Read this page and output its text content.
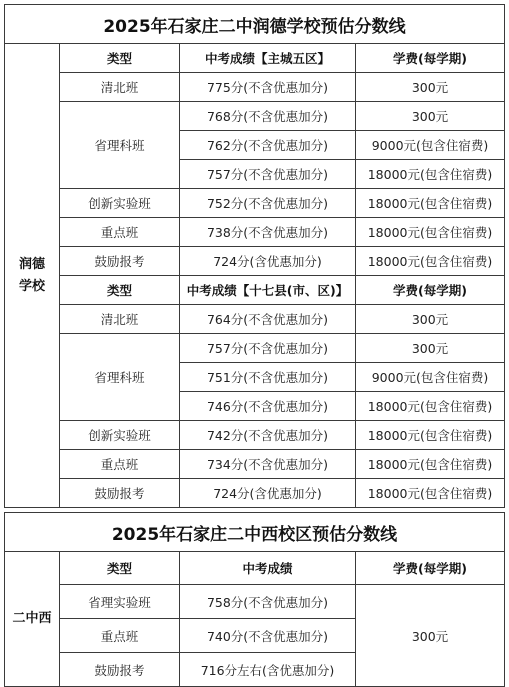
2025年石家庄二中润德学校预估分数线			

润德
学校	类型	中考成绩【主城五区】	学费(每学期)
	清北班	775分(不含优惠加分)	300元
	省理科班	768分(不含优惠加分)	300元
		762分(不含优惠加分)	9000元(包含住宿费)
		757分(不含优惠加分)	18000元(包含住宿费)
	创新实验班	752分(不含优惠加分)	18000元(包含住宿费)
	重点班	738分(不含优惠加分)	18000元(包含住宿费)
	鼓励报考	724分(含优惠加分)	18000元(包含住宿费)
	类型	中考成绩【十七县(市、区)】	学费(每学期)
	清北班	764分(不含优惠加分)	300元
	省理科班	757分(不含优惠加分)	300元
		751分(不含优惠加分)	9000元(包含住宿费)
		746分(不含优惠加分)	18000元(包含住宿费)
	创新实验班	742分(不含优惠加分)	18000元(包含住宿费)
	重点班	734分(不含优惠加分)	18000元(包含住宿费)
	鼓励报考	724分(含优惠加分)	18000元(包含住宿费)

2025年石家庄二中西校区预估分数线			
二中西	类型	中考成绩	学费(每学期)
	省理实验班	758分(不含优惠加分)	300元
	重点班	740分(不含优惠加分)	
	鼓励报考	716分左右(含优惠加分)	
